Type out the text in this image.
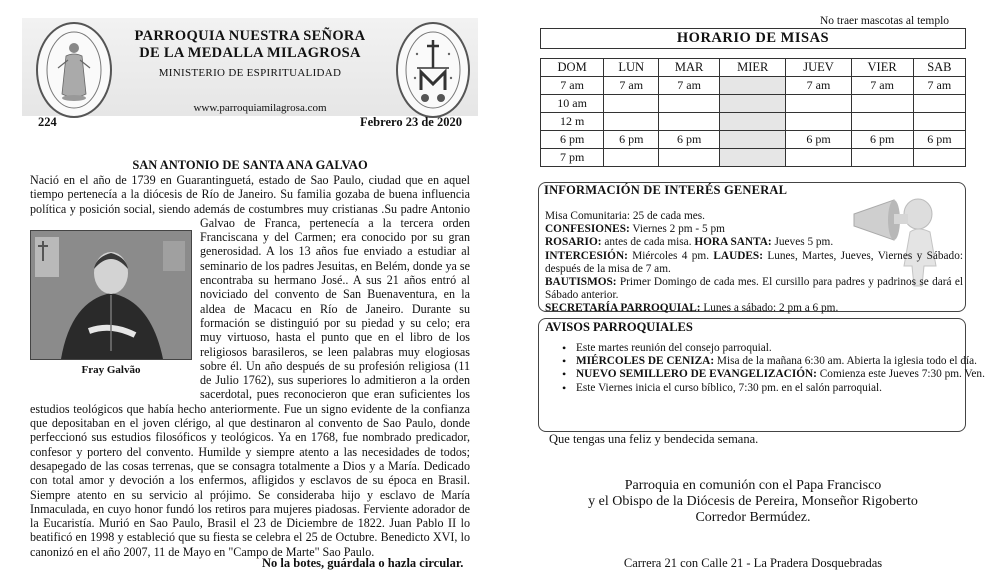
PARROQUIA NUESTRA SEÑORA
DE LA MEDALLA MILAGROSA
MINISTERIO DE ESPIRITUALIDAD
www.parroquiamilagrosa.com
224	Febrero 23 de 2020
SAN ANTONIO DE SANTA ANA GALVAO
Fray Galvão

Nació en el año de 1739 en Guarantinguetá, estado de Sao Paulo, ciudad que en aquel tiempo pertenecía a la diócesis de Río de Janeiro. Su familia gozaba de buena influencia política y posición social, siendo además de costumbres muy cristianas .Su padre Antonio Galvao de Franca, pertenecía a la tercera orden Franciscana y del Carmen; era conocido por su gran generosidad. A los 13 años fue enviado a estudiar al seminario de los padres Jesuitas, en Belém, donde ya se encontraba su hermano José.. A sus 21 años entró al noviciado del convento de San Buenaventura, en la aldea de Macacu en Río de Janeiro. Durante su formación se distinguió por su piedad y su celo; era muy virtuoso, hasta el punto que en el libro de los religiosos barasileros, se leen palabras muy elogiosas sobre él. Un año después de su profesión religiosa (11 de Julio 1762), sus superiores lo admitieron a la orden sacerdotal, pues reconocieron que eran suficientes los estudios teológicos que había hecho anteriormente. Fue un signo evidente de la confianza que depositaban en el joven clérigo, al que destinaron al convento de Sao Paulo, donde perfeccionó sus estudios filosóficos y teológicos. Ya en 1768, fue nombrado predicador, confesor y portero del convento. Humilde y siempre atento a las necesidades de todos; desapegado de las cosas terrenas, que se consagra totalmente a Dios y a María. Dedicado con total amor y devoción a los enfermos, afligidos y esclavos de su época en Brasil. Siempre atento en su servicio al prójimo. Se consideraba hijo y esclavo de María Inmaculada, en cuyo honor fundó los retiros para mujeres piadosas. Ferviente adorador de la Eucaristía. Murió en Sao Paulo, Brasil el 23 de Diciembre de 1822. Juan Pablo II lo beatificó en 1998 y estableció que su fiesta se celebra el 25 de Octubre. Benedicto XVI, lo canonizó en el año 2007, 11 de Mayo en "Campo de Marte" Sao Paulo.

No la botes, guárdala o hazla circular.
No traer mascotas al templo
HORARIO DE MISAS
DOM	LUN	MAR	MIER	JUEV	VIER	SAB
7 am	7 am	7 am		7 am	7 am	7 am
10 am						
12 m						
6 pm	6 pm	6 pm		6 pm	6 pm	6 pm
7 pm						
INFORMACIÓN DE INTERÉS GENERAL
Misa Comunitaria: 25 de cada mes.
CONFESIONES: Viernes 2 pm - 5 pm
ROSARIO: antes de cada misa. HORA SANTA: Jueves 5 pm.
INTERCESIÓN: Miércoles 4 pm. LAUDES: Lunes, Martes, Jueves, Viernes y Sábado: después de la misa de 7 am.
BAUTISMOS: Primer Domingo de cada mes. El cursillo para padres y padrinos se dará el Sábado anterior.
SECRETARÍA PARROQUIAL: Lunes a sábado: 2 pm a 6 pm.
AVISOS PARROQUIALES
• Este martes reunión del consejo parroquial.
• MIÉRCOLES DE CENIZA: Misa de la mañana 6:30 am. Abierta la iglesia todo el día.
• NUEVO SEMILLERO DE EVANGELIZACIÓN: Comienza este Jueves 7:30 pm. Ven.
• Este Viernes inicia el curso bíblico, 7:30 pm. en el salón parroquial.
Que tengas una feliz y bendecida semana.
Parroquia en comunión con el Papa Francisco
y el Obispo de la Diócesis de Pereira, Monseñor Rigoberto
Corredor Bermúdez.
Carrera 21 con Calle 21 - La Pradera Dosquebradas
